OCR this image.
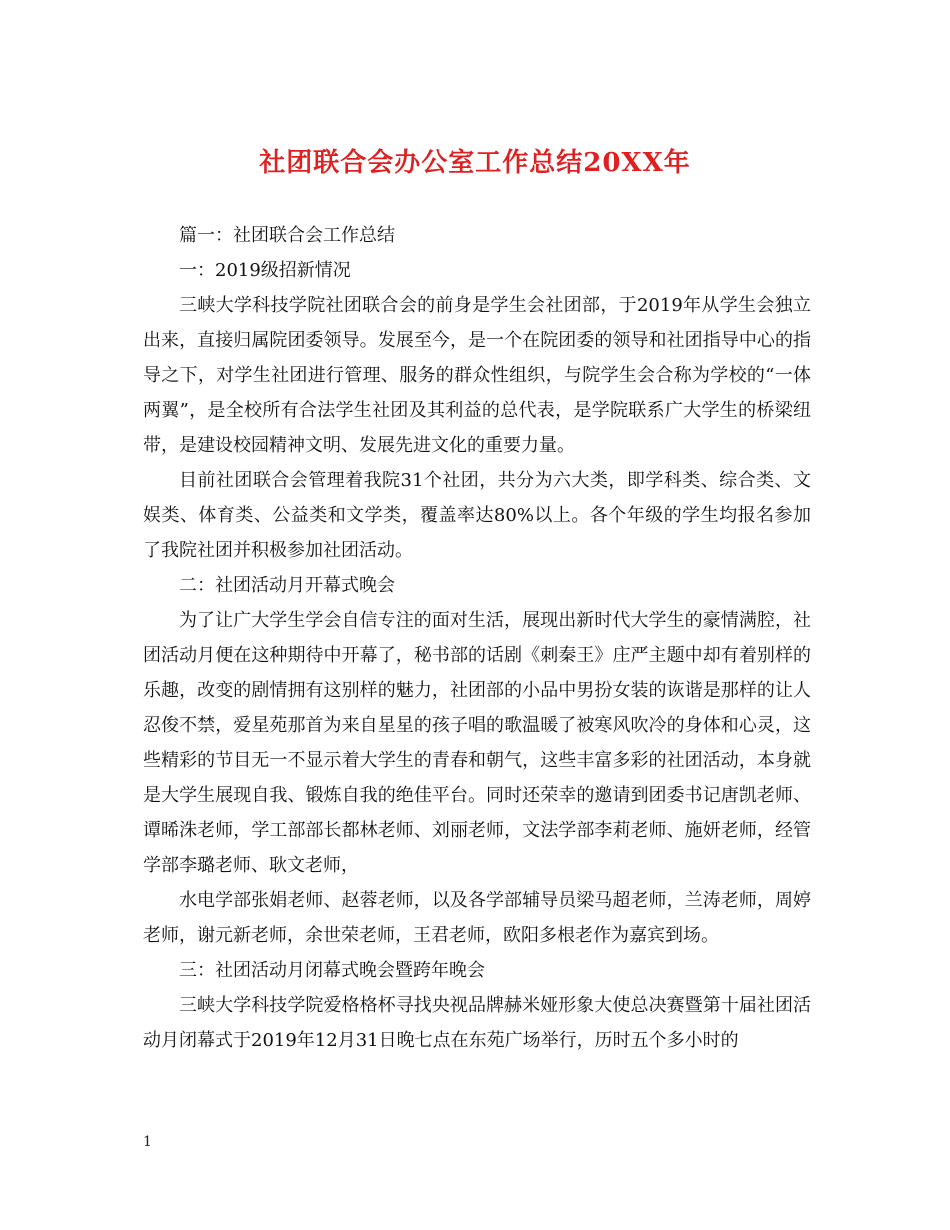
社团联合会办公室工作总结20XX年

篇一：社团联合会工作总结

一：2019级招新情况

三峡大学科技学院社团联合会的前身是学生会社团部，于2019年从学生会独立出来，直接归属院团委领导。发展至今，是一个在院团委的领导和社团指导中心的指导之下，对学生社团进行管理、服务的群众性组织，与院学生会合称为学校的“一体两翼”，是全校所有合法学生社团及其利益的总代表，是学院联系广大学生的桥梁纽带，是建设校园精神文明、发展先进文化的重要力量。

目前社团联合会管理着我院31个社团，共分为六大类，即学科类、综合类、文娱类、体育类、公益类和文学类，覆盖率达80%以上。各个年级的学生均报名参加了我院社团并积极参加社团活动。

二：社团活动月开幕式晚会

为了让广大学生学会自信专注的面对生活，展现出新时代大学生的豪情满腔，社团活动月便在这种期待中开幕了，秘书部的话剧《刺秦王》庄严主题中却有着别样的乐趣，改变的剧情拥有这别样的魅力，社团部的小品中男扮女装的诙谐是那样的让人忍俊不禁，爱星苑那首为来自星星的孩子唱的歌温暖了被寒风吹冷的身体和心灵，这些精彩的节目无一不显示着大学生的青春和朝气，这些丰富多彩的社团活动，本身就是大学生展现自我、锻炼自我的绝佳平台。同时还荣幸的邀请到团委书记唐凯老师、谭晞洙老师，学工部部长都林老师、刘丽老师，文法学部李莉老师、施妍老师，经管学部李璐老师、耿文老师，

水电学部张娟老师、赵蓉老师，以及各学部辅导员梁马超老师，兰涛老师，周婷老师，谢元新老师，余世荣老师，王君老师，欧阳多根老作为嘉宾到场。

三：社团活动月闭幕式晚会暨跨年晚会

三峡大学科技学院爱格格杯寻找央视品牌赫米娅形象大使总决赛暨第十届社团活动月闭幕式于2019年12月31日晚七点在东苑广场举行，历时五个多小时的

1
